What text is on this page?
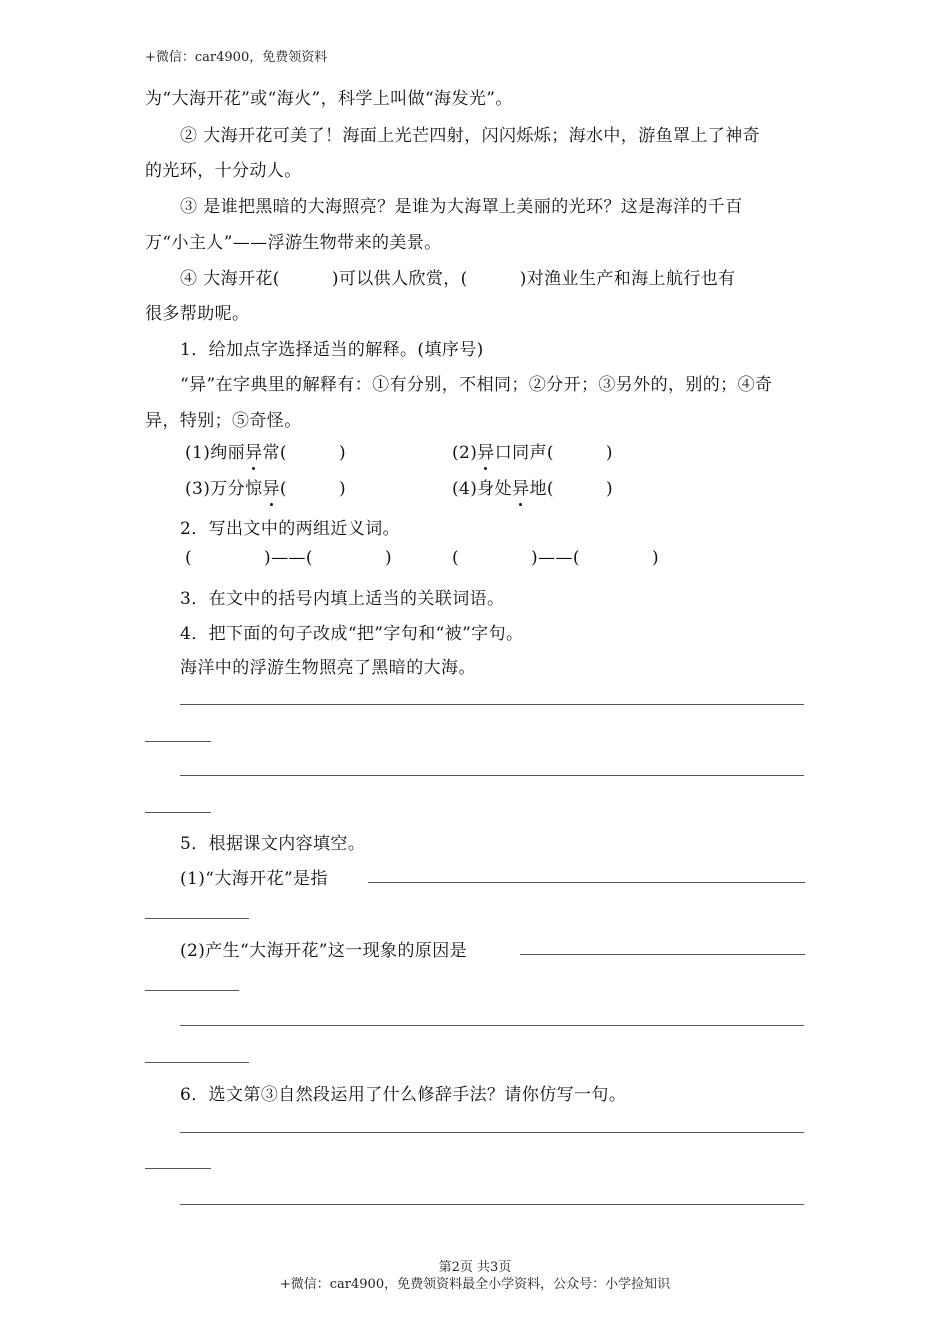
+微信：car4900，免费领资料
为“大海开花”或“海火”，科学上叫做“海发光”。
② 大海开花可美了！海面上光芒四射，闪闪烁烁；海水中，游鱼罩上了神奇
的光环，十分动人。
③ 是谁把黑暗的大海照亮？是谁为大海罩上美丽的光环？这是海洋的千百
万“小主人”——浮游生物带来的美景。
④ 大海开花(	)可以供人欣赏，(	)对渔业生产和海上航行也有
很多帮助呢。
1．给加点字选择适当的解释。(填序号)
“异”在字典里的解释有：①有分别，不相同；②分开；③另外的，别的；④奇
异，特别；⑤奇怪。
(1)绚丽异常(	)	(2)异口同声(	)
(3)万分惊异(	)	(4)身处异地(	)
2．写出文中的两组近义词。
(	)——(	)	(	)——(	)
3．在文中的括号内填上适当的关联词语。
4．把下面的句子改成“把”字句和“被”字句。
海洋中的浮游生物照亮了黑暗的大海。
5．根据课文内容填空。
(1)“大海开花”是指
(2)产生“大海开花”这一现象的原因是
6．选文第③自然段运用了什么修辞手法？请你仿写一句。
第2页 共3页
+微信：car4900，免费领资料最全小学资料，公众号：小学捡知识
